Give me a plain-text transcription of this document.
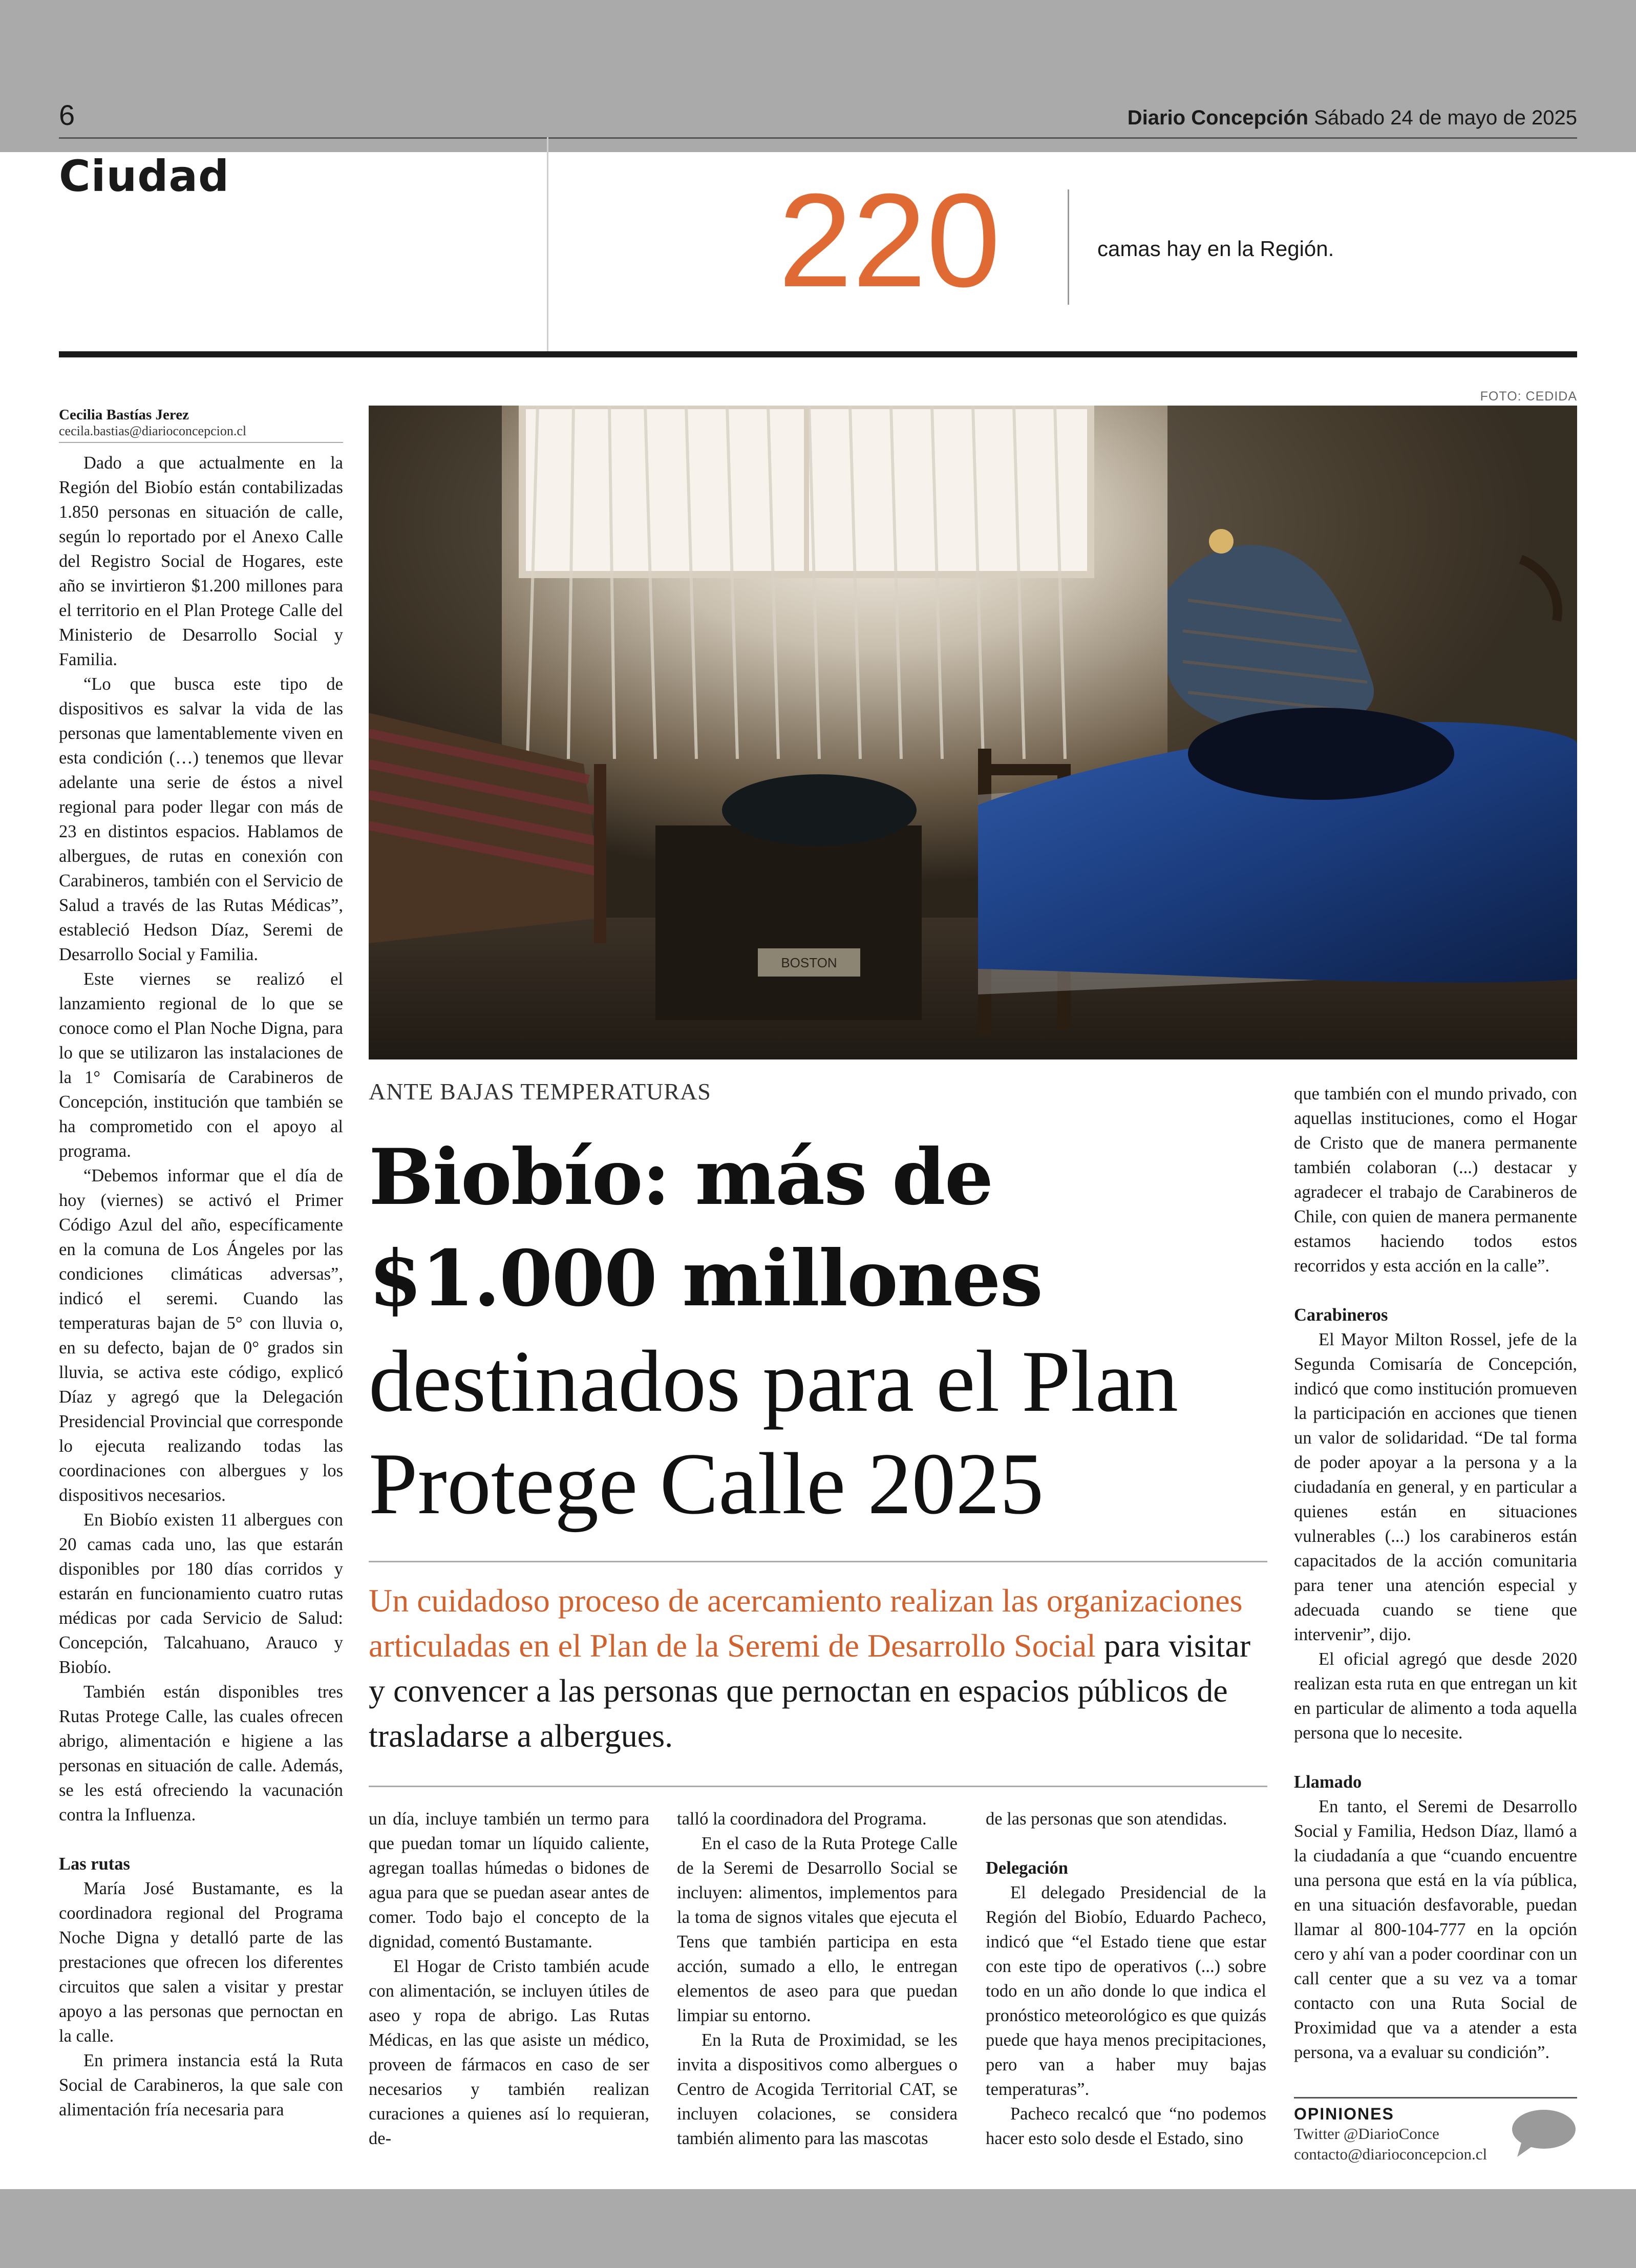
6	Diario Concepción Sábado 24 de mayo de 2025
Ciudad	220	camas hay en la Región.
FOTO: CEDIDA
BOSTON
Cecilia Bastías Jerez
cecila.bastias@diarioconcepcion.cl

Dado a que actualmente en la Región del Biobío están contabilizadas 1.850 personas en situación de calle, según lo reportado por el Anexo Calle del Registro Social de Hogares, este año se invirtieron $1.200 millones para el territorio en el Plan Protege Calle del Ministerio de Desarrollo Social y Familia.

“Lo que busca este tipo de dispositivos es salvar la vida de las personas que lamentablemente viven en esta condición (…) tenemos que llevar adelante una serie de éstos a nivel regional para poder llegar con más de 23 en distintos espacios. Hablamos de albergues, de rutas en conexión con Carabineros, también con el Servicio de Salud a través de las Rutas Médicas”, estableció Hedson Díaz, Seremi de Desarrollo Social y Familia.

Este viernes se realizó el lanzamiento regional de lo que se conoce como el Plan Noche Digna, para lo que se utilizaron las instalaciones de la 1° Comisaría de Carabineros de Concepción, institución que también se ha comprometido con el apoyo al programa.

“Debemos informar que el día de hoy (viernes) se activó el Primer Código Azul del año, específicamente en la comuna de Los Ángeles por las condiciones climáticas adversas”, indicó el seremi. Cuando las temperaturas bajan de 5° con lluvia o, en su defecto, bajan de 0° grados sin lluvia, se activa este código, explicó Díaz y agregó que la Delegación Presidencial Provincial que corresponde lo ejecuta realizando todas las coordinaciones con albergues y los dispositivos necesarios.

En Biobío existen 11 albergues con 20 camas cada uno, las que estarán disponibles por 180 días corridos y estarán en funcionamiento cuatro rutas médicas por cada Servicio de Salud: Concepción, Talcahuano, Arauco y Biobío.

También están disponibles tres Rutas Protege Calle, las cuales ofrecen abrigo, alimentación e higiene a las personas en situación de calle. Además, se les está ofreciendo la vacunación contra la Influenza.

Las rutas

María José Bustamante, es la coordinadora regional del Programa Noche Digna y detalló parte de las prestaciones que ofrecen los diferentes circuitos que salen a visitar y prestar apoyo a las personas que pernoctan en la calle.

En primera instancia está la Ruta Social de Carabineros, la que sale con alimentación fría necesaria para

ANTE BAJAS TEMPERATURAS
Biobío: más de
$1.000 millones
destinados para el Plan
Protege Calle 2025
Un cuidadoso proceso de acercamiento realizan las organizaciones articuladas en el Plan de la Seremi de Desarrollo Social para visitar y convencer a las personas que pernoctan en espacios públicos de trasladarse a albergues.

un día, incluye también un termo para que puedan tomar un líquido caliente, agregan toallas húmedas o bidones de agua para que se puedan asear antes de comer. Todo bajo el concepto de la dignidad, comentó Bustamante.

El Hogar de Cristo también acude con alimentación, se incluyen útiles de aseo y ropa de abrigo. Las Rutas Médicas, en las que asiste un médico, proveen de fármacos en caso de ser necesarios y también realizan curaciones a quienes así lo requieran, de-

talló la coordinadora del Programa.

En el caso de la Ruta Protege Calle de la Seremi de Desarrollo Social se incluyen: alimentos, implementos para la toma de signos vitales que ejecuta el Tens que también participa en esta acción, sumado a ello, le entregan elementos de aseo para que puedan limpiar su entorno.

En la Ruta de Proximidad, se les invita a dispositivos como albergues o Centro de Acogida Territorial CAT, se incluyen colaciones, se considera también alimento para las mascotas

de las personas que son atendidas.

Delegación

El delegado Presidencial de la Región del Biobío, Eduardo Pacheco, indicó que “el Estado tiene que estar con este tipo de operativos (...) sobre todo en un año donde lo que indica el pronóstico meteorológico es que quizás puede que haya menos precipitaciones, pero van a haber muy bajas temperaturas”.

Pacheco recalcó que “no podemos hacer esto solo desde el Estado, sino

que también con el mundo privado, con aquellas instituciones, como el Hogar de Cristo que de manera permanente también colaboran (...) destacar y agradecer el trabajo de Carabineros de Chile, con quien de manera permanente estamos haciendo todos estos recorridos y esta acción en la calle”.

Carabineros

El Mayor Milton Rossel, jefe de la Segunda Comisaría de Concepción, indicó que como institución promueven la participación en acciones que tienen un valor de solidaridad. “De tal forma de poder apoyar a la persona y a la ciudadanía en general, y en particular a quienes están en situaciones vulnerables (...) los carabineros están capacitados de la acción comunitaria para tener una atención especial y adecuada cuando se tiene que intervenir”, dijo.

El oficial agregó que desde 2020 realizan esta ruta en que entregan un kit en particular de alimento a toda aquella persona que lo necesite.

Llamado

En tanto, el Seremi de Desarrollo Social y Familia, Hedson Díaz, llamó a la ciudadanía a que “cuando encuentre una persona que está en la vía pública, en una situación desfavorable, puedan llamar al 800-104-777 en la opción cero y ahí van a poder coordinar con un call center que a su vez va a tomar contacto con una Ruta Social de Proximidad que va a atender a esta persona, va a evaluar su condición”.

OPINIONES
Twitter @DiarioConce
contacto@diarioconcepcion.cl
